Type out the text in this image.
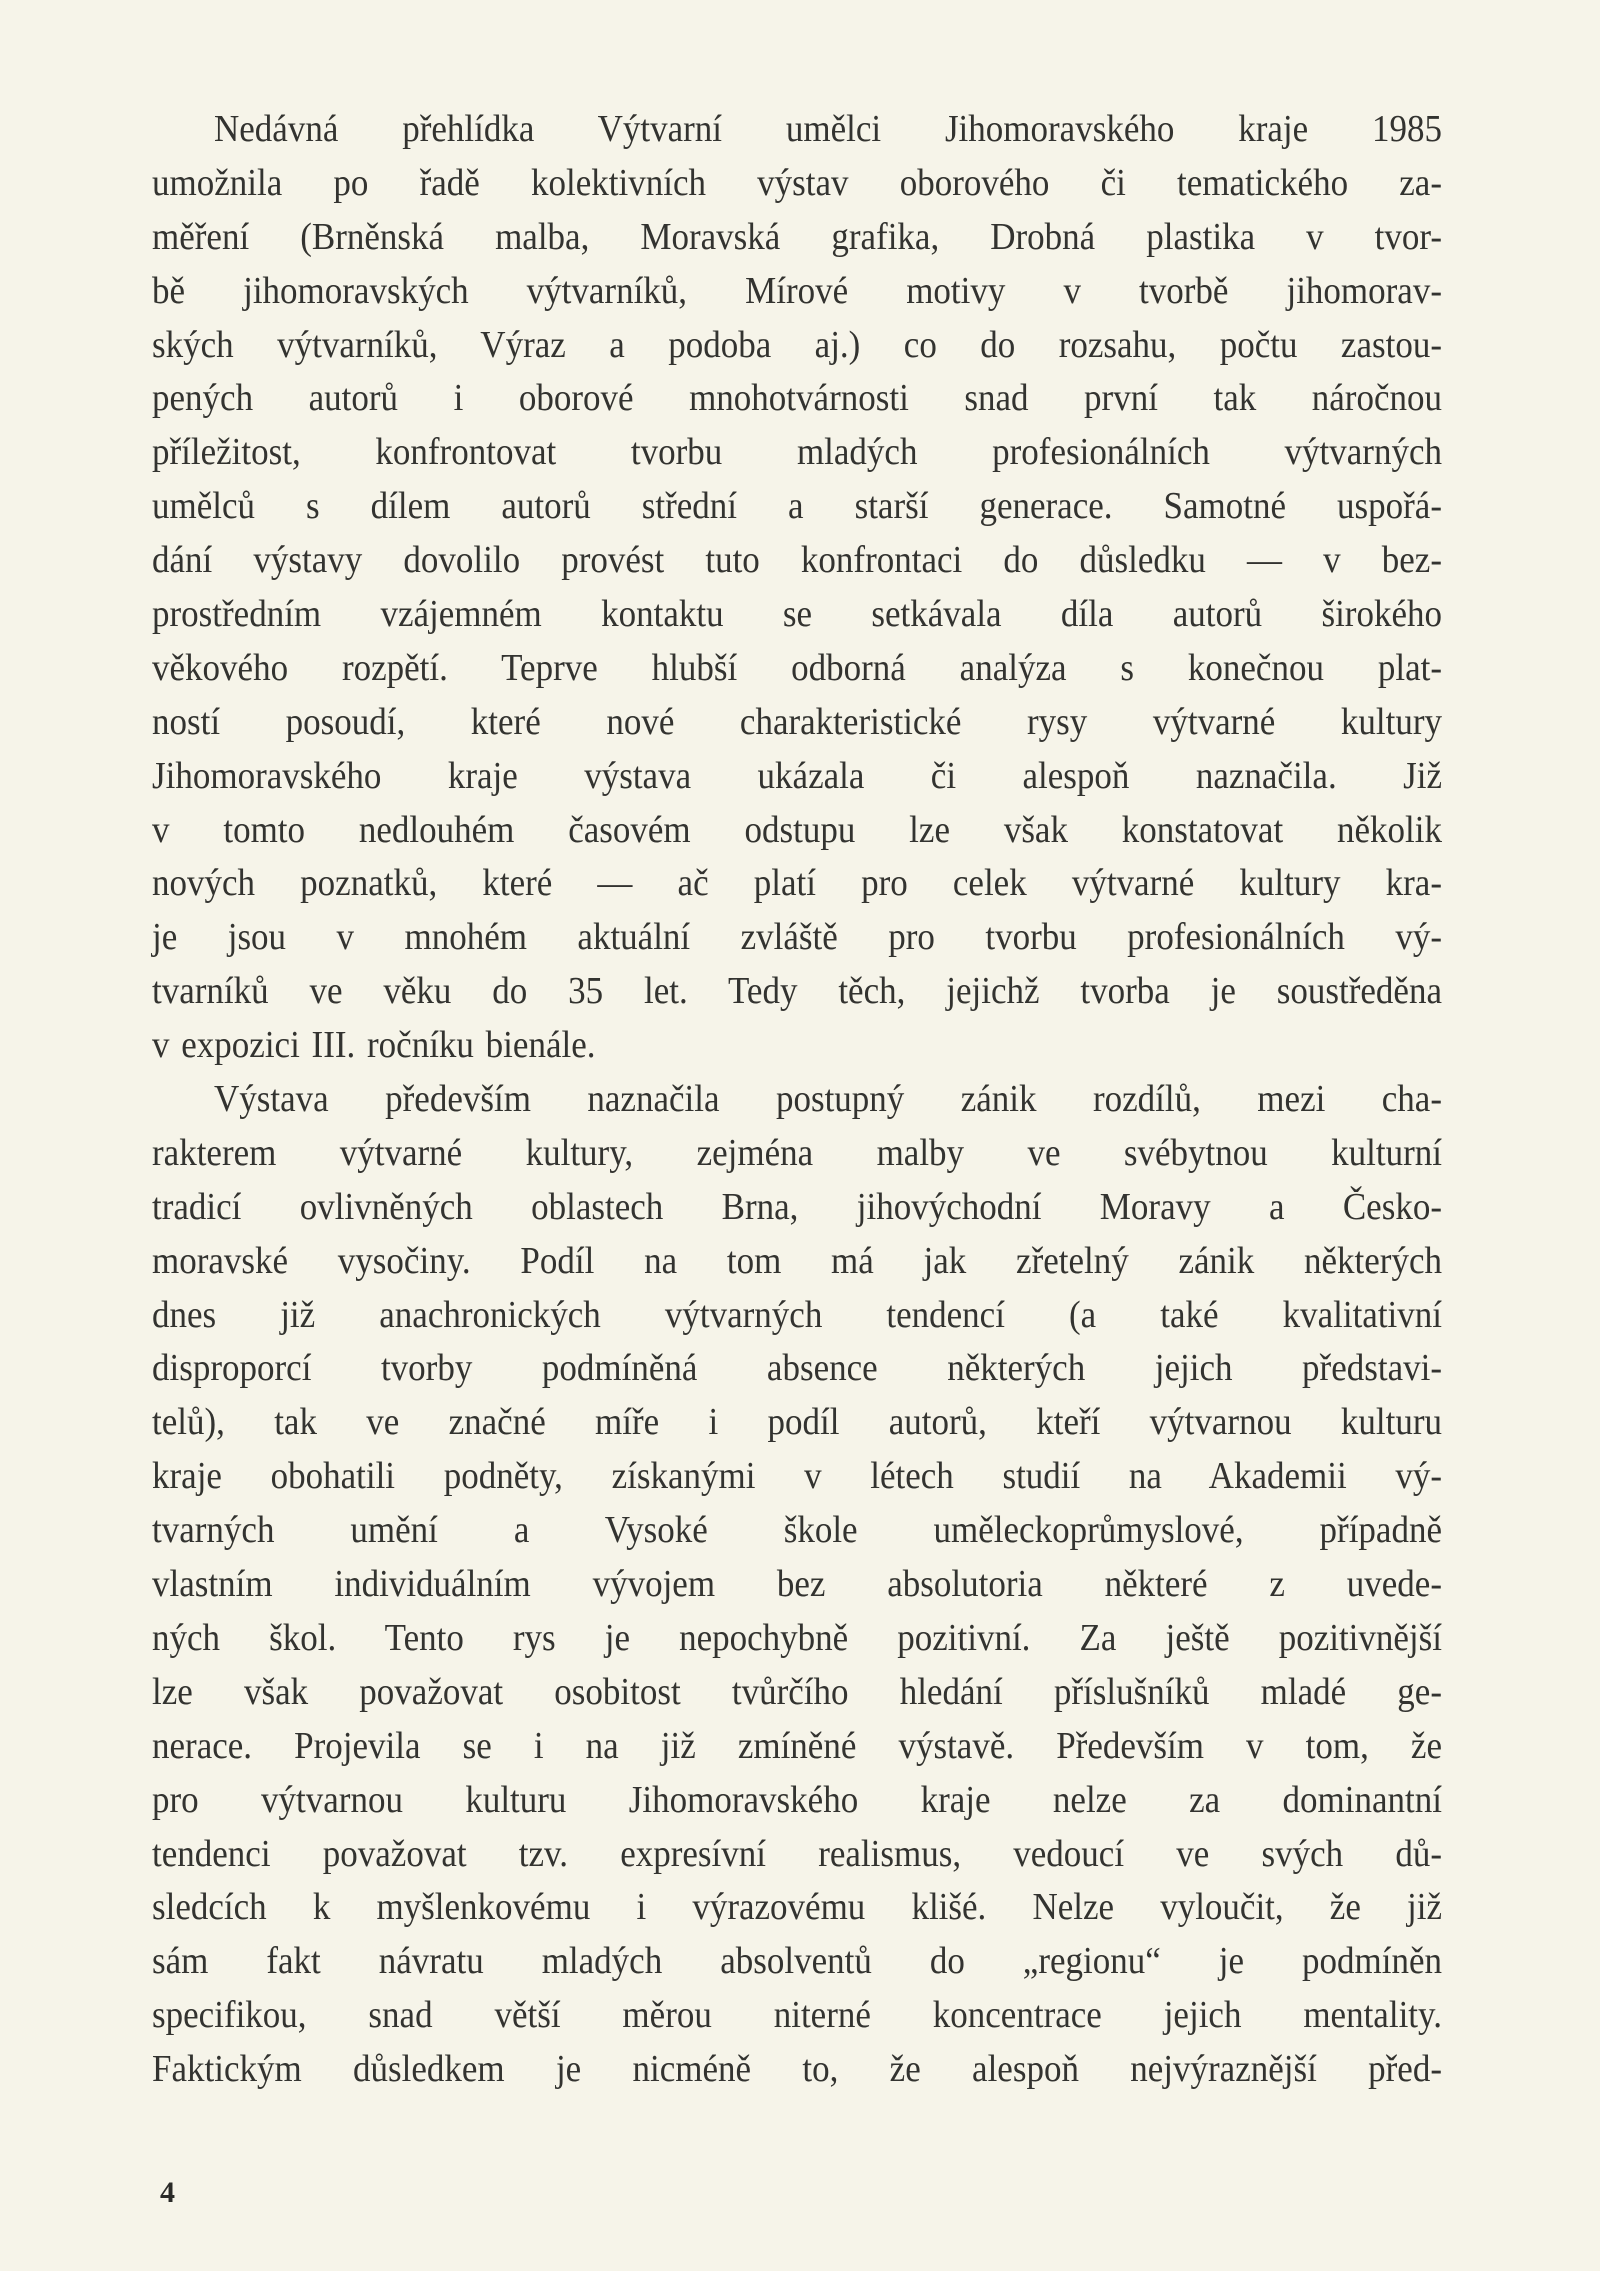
Nedávná přehlídka Výtvarní umělci Jihomoravského kraje 1985
umožnila po řadě kolektivních výstav oborového či tematického za-
měření (Brněnská malba, Moravská grafika, Drobná plastika v tvor-
bě jihomoravských výtvarníků, Mírové motivy v tvorbě jihomorav-
ských výtvarníků, Výraz a podoba aj.) co do rozsahu, počtu zastou-
pených autorů i oborové mnohotvárnosti snad první tak náročnou
příležitost, konfrontovat tvorbu mladých profesionálních výtvarných
umělců s dílem autorů střední a starší generace. Samotné uspořá-
dání výstavy dovolilo provést tuto konfrontaci do důsledku — v bez-
prostředním vzájemném kontaktu se setkávala díla autorů širokého
věkového rozpětí. Teprve hlubší odborná analýza s konečnou plat-
ností posoudí, které nové charakteristické rysy výtvarné kultury
Jihomoravského kraje výstava ukázala či alespoň naznačila. Již
v tomto nedlouhém časovém odstupu lze však konstatovat několik
nových poznatků, které — ač platí pro celek výtvarné kultury kra-
je jsou v mnohém aktuální zvláště pro tvorbu profesionálních vý-
tvarníků ve věku do 35 let. Tedy těch, jejichž tvorba je soustředěna
v expozici III. ročníku bienále.
Výstava především naznačila postupný zánik rozdílů, mezi cha-
rakterem výtvarné kultury, zejména malby ve svébytnou kulturní
tradicí ovlivněných oblastech Brna, jihovýchodní Moravy a Česko-
moravské vysočiny. Podíl na tom má jak zřetelný zánik některých
dnes již anachronických výtvarných tendencí (a také kvalitativní
disproporcí tvorby podmíněná absence některých jejich představi-
telů), tak ve značné míře i podíl autorů, kteří výtvarnou kulturu
kraje obohatili podněty, získanými v létech studií na Akademii vý-
tvarných umění a Vysoké škole uměleckoprůmyslové, případně
vlastním individuálním vývojem bez absolutoria některé z uvede-
ných škol. Tento rys je nepochybně pozitivní. Za ještě pozitivnější
lze však považovat osobitost tvůrčího hledání příslušníků mladé ge-
nerace. Projevila se i na již zmíněné výstavě. Především v tom, že
pro výtvarnou kulturu Jihomoravského kraje nelze za dominantní
tendenci považovat tzv. expresívní realismus, vedoucí ve svých dů-
sledcích k myšlenkovému i výrazovému klišé. Nelze vyloučit, že již
sám fakt návratu mladých absolventů do „regionu“ je podmíněn
specifikou, snad větší měrou niterné koncentrace jejich mentality.
Faktickým důsledkem je nicméně to, že alespoň nejvýraznější před-
4
